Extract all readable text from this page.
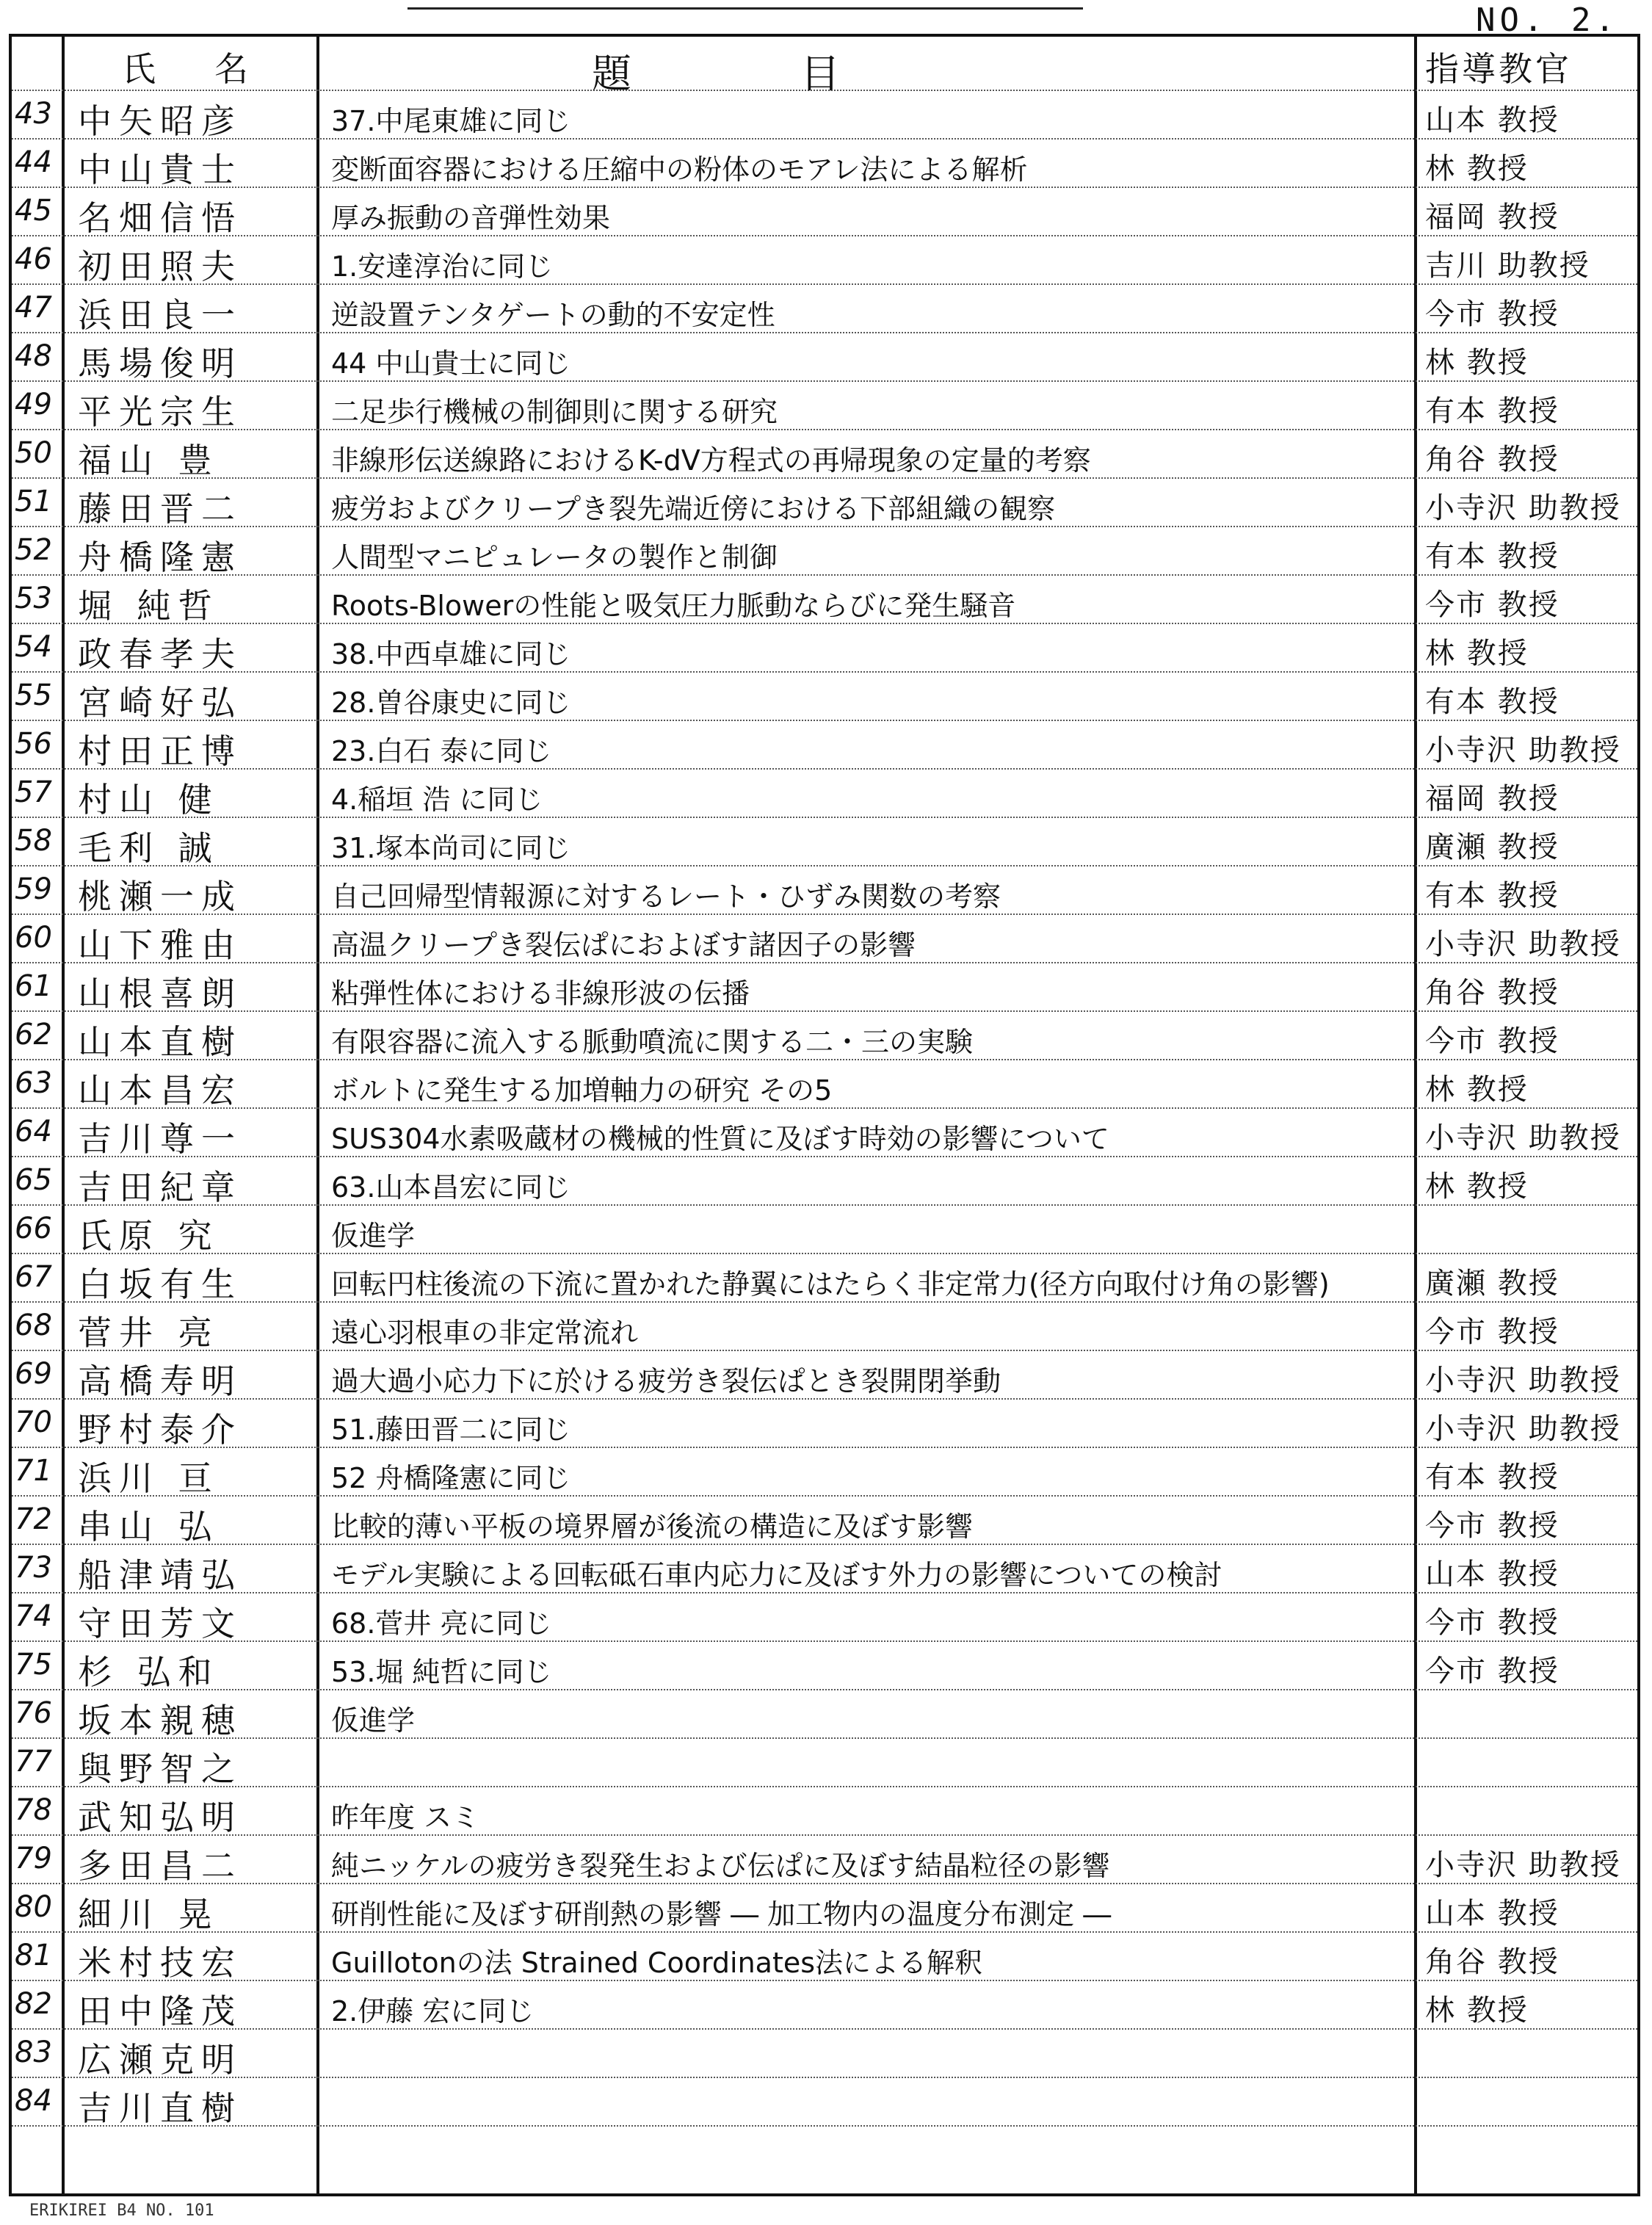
NO. 2.
氏名	題目	指導教官
43 中矢昭彦	37.中尾東雄に同じ	山本 教授
44 中山貴士	変断面容器における圧縮中の粉体のモアレ法による解析	林 教授
45 名畑信悟	厚み振動の音弾性効果	福岡 教授
46 初田照夫	1.安達淳治に同じ	吉川 助教授
47 浜田良一	逆設置テンタゲートの動的不安定性	今市 教授
48 馬場俊明	44 中山貴士に同じ	林 教授
49 平光宗生	二足歩行機械の制御則に関する研究	有本 教授
50 福山 豊	非線形伝送線路におけるK-dV方程式の再帰現象の定量的考察	角谷 教授
51 藤田晋二	疲労およびクリープき裂先端近傍における下部組織の観察	小寺沢 助教授
52 舟橋隆憲	人間型マニピュレータの製作と制御	有本 教授
53 堀 純哲	Roots-Blowerの性能と吸気圧力脈動ならびに発生騒音	今市 教授
54 政春孝夫	38.中西卓雄に同じ	林 教授
55 宮崎好弘	28.曽谷康史に同じ	有本 教授
56 村田正博	23.白石 泰に同じ	小寺沢 助教授
57 村山 健	4.稲垣 浩 に同じ	福岡 教授
58 毛利 誠	31.塚本尚司に同じ	廣瀬 教授
59 桃瀬一成	自己回帰型情報源に対するレート・ひずみ関数の考察	有本 教授
60 山下雅由	高温クリープき裂伝ぱにおよぼす諸因子の影響	小寺沢 助教授
61 山根喜朗	粘弾性体における非線形波の伝播	角谷 教授
62 山本直樹	有限容器に流入する脈動噴流に関する二・三の実験	今市 教授
63 山本昌宏	ボルトに発生する加増軸力の研究 その5	林 教授
64 吉川尊一	SUS304水素吸蔵材の機械的性質に及ぼす時効の影響について	小寺沢 助教授
65 吉田紀章	63.山本昌宏に同じ	林 教授
66 氏原 究	仮進学
67 白坂有生	回転円柱後流の下流に置かれた静翼にはたらく非定常力(径方向取付け角の影響)	廣瀬 教授
68 菅井 亮	遠心羽根車の非定常流れ	今市 教授
69 高橋寿明	過大過小応力下に於ける疲労き裂伝ぱとき裂開閉挙動	小寺沢 助教授
70 野村泰介	51.藤田晋二に同じ	小寺沢 助教授
71 浜川 亘	52 舟橋隆憲に同じ	有本 教授
72 串山 弘	比較的薄い平板の境界層が後流の構造に及ぼす影響	今市 教授
73 船津靖弘	モデル実験による回転砥石車内応力に及ぼす外力の影響についての検討	山本 教授
74 守田芳文	68.菅井 亮に同じ	今市 教授
75 杉 弘和	53.堀 純哲に同じ	今市 教授
76 坂本親穂	仮進学
77 與野智之
78 武知弘明	昨年度 スミ
79 多田昌二	純ニッケルの疲労き裂発生および伝ぱに及ぼす結晶粒径の影響	小寺沢 助教授
80 細川 晃	研削性能に及ぼす研削熱の影響 ― 加工物内の温度分布測定 ―	山本 教授
81 米村技宏	Guillotonの法 Strained Coordinates法による解釈	角谷 教授
82 田中隆茂	2.伊藤 宏に同じ	林 教授
83 広瀬克明
84 吉川直樹
ERIKIREI B4 NO. 101
